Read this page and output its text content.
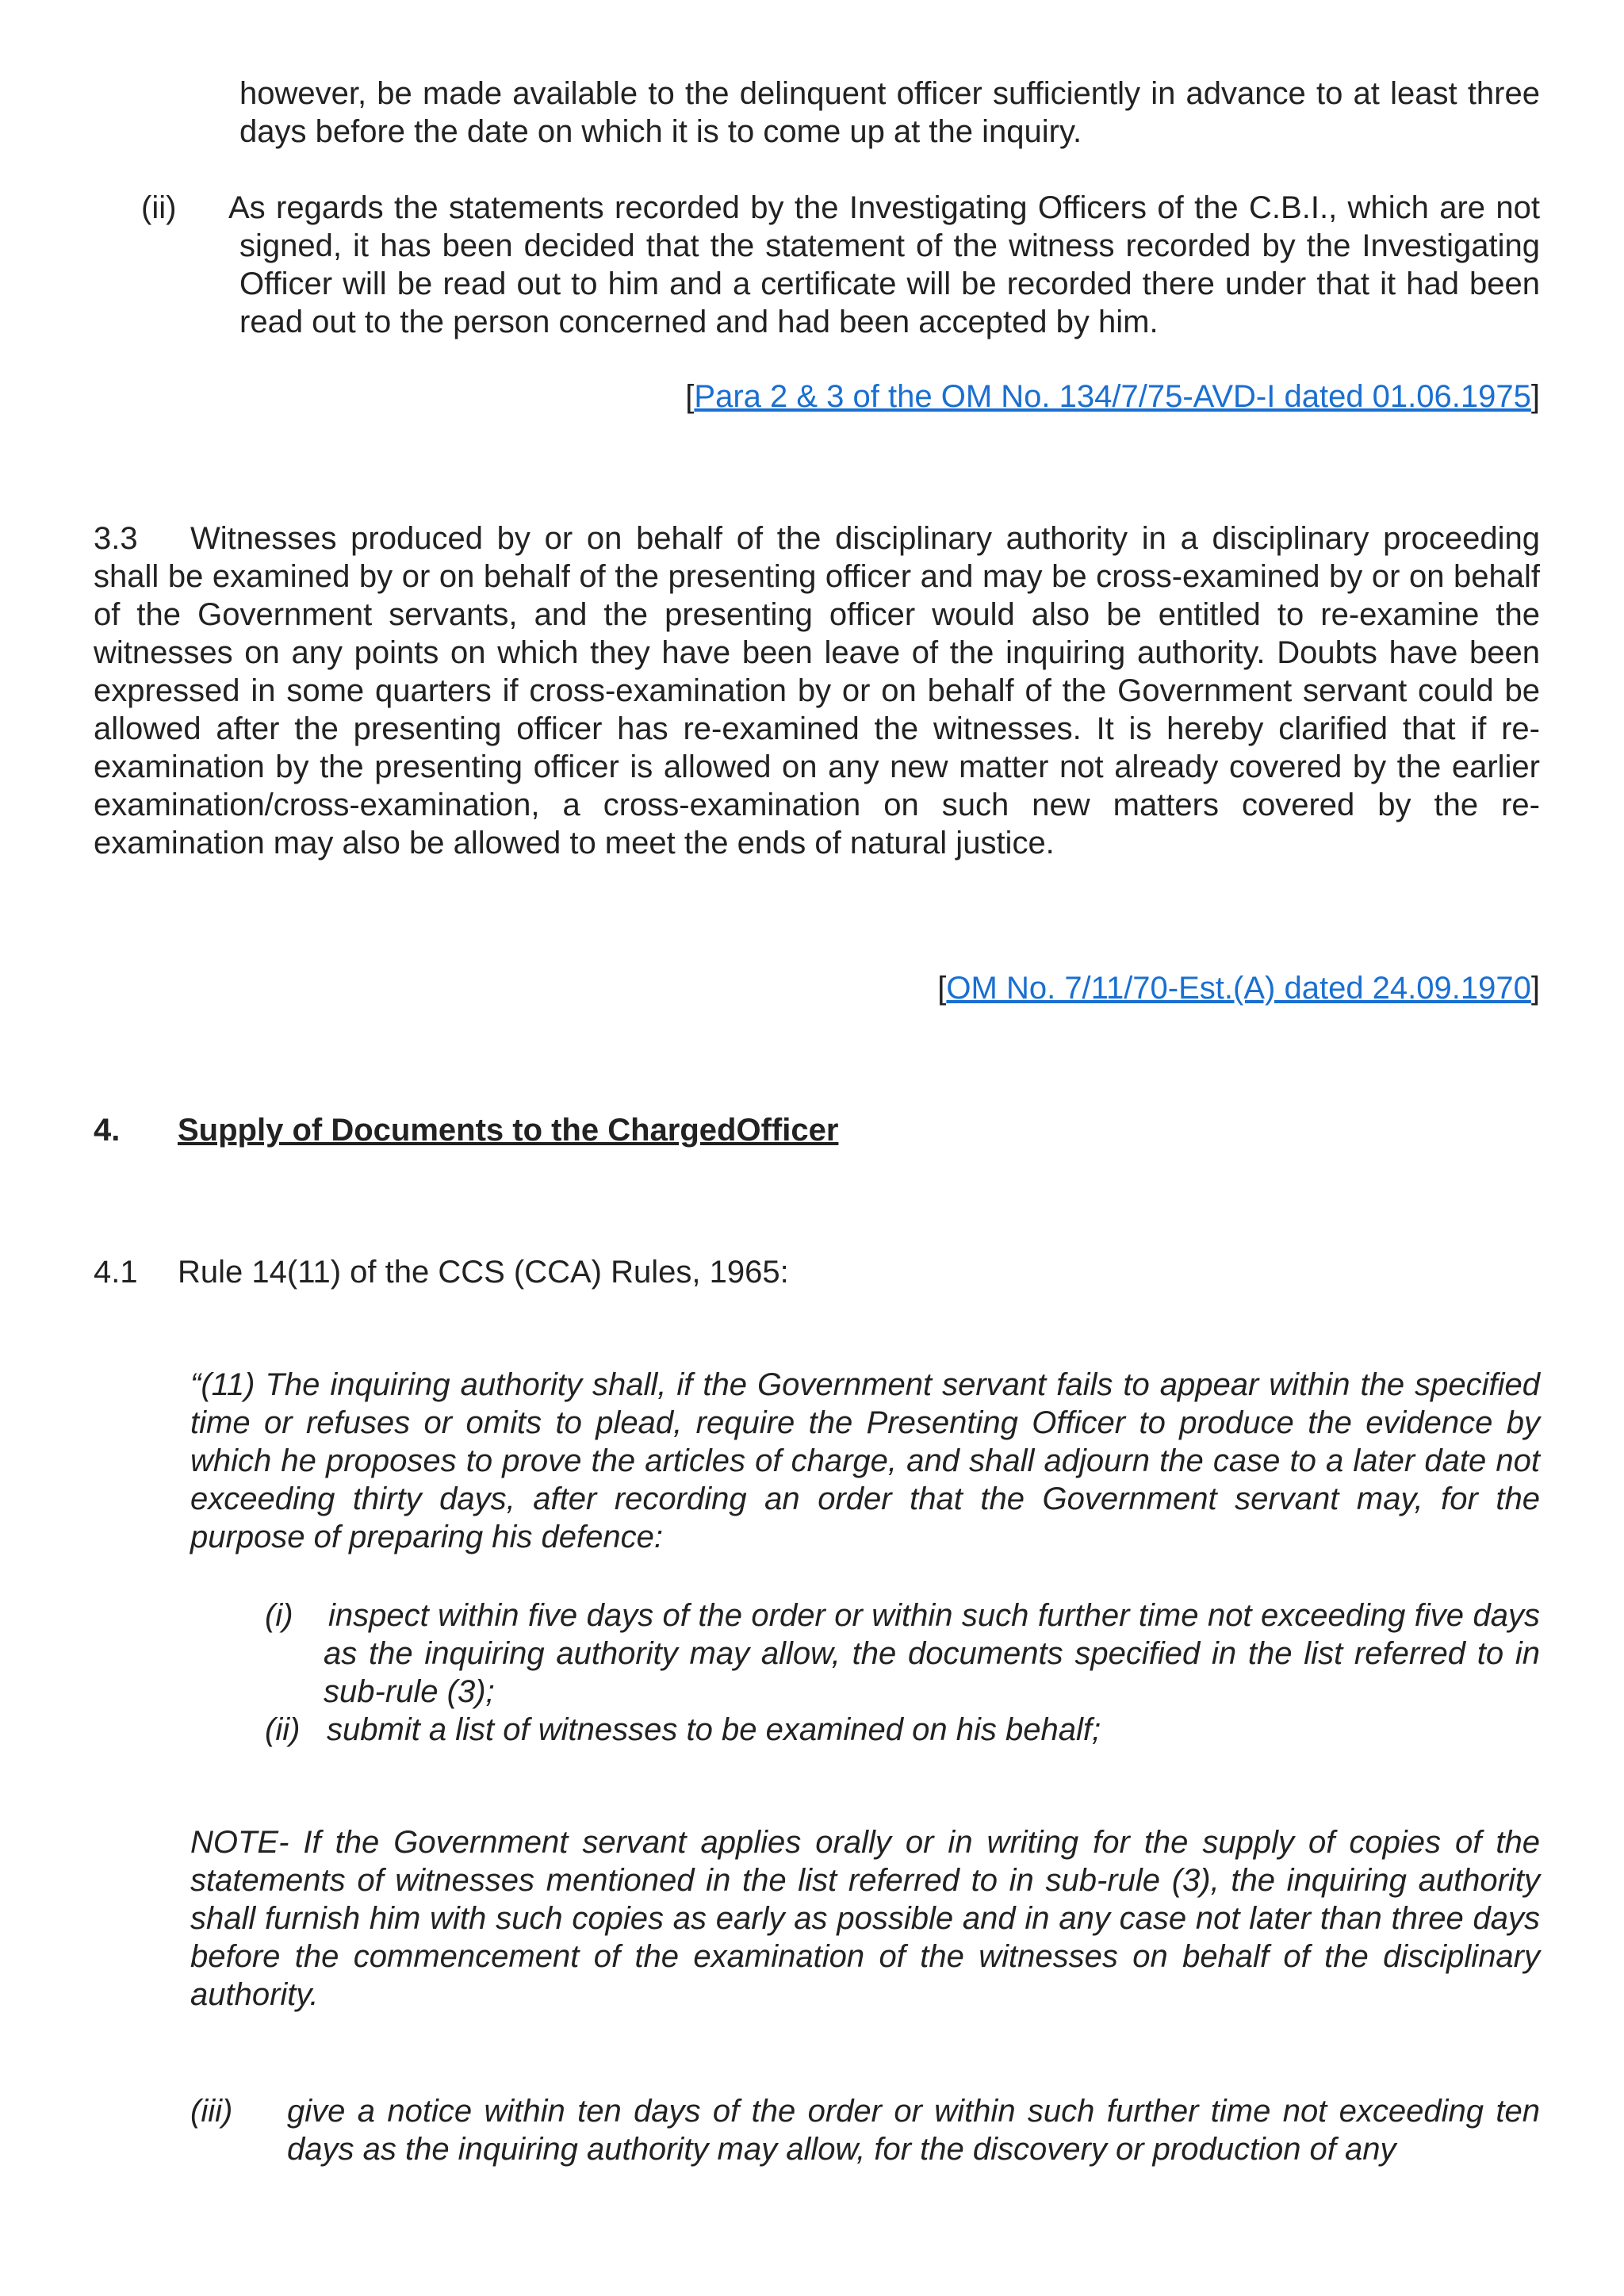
however, be made available to the delinquent officer sufficiently in advance to at least three days before the date on which it is to come up at the inquiry.

(ii) As regards the statements recorded by the Investigating Officers of the C.B.I., which are not signed, it has been decided that the statement of the witness recorded by the Investigating Officer will be read out to him and a certificate will be recorded there under that it had been read out to the person concerned and had been accepted by him.

[Para 2 & 3 of the OM No. 134/7/75-AVD-I dated 01.06.1975]

3.3 Witnesses produced by or on behalf of the disciplinary authority in a disciplinary proceeding shall be examined by or on behalf of the presenting officer and may be cross-examined by or on behalf of the Government servants, and the presenting officer would also be entitled to re-examine the witnesses on any points on which they have been leave of the inquiring authority. Doubts have been expressed in some quarters if cross-examination by or on behalf of the Government servant could be allowed after the presenting officer has re-examined the witnesses. It is hereby clarified that if re-examination by the presenting officer is allowed on any new matter not already covered by the earlier examination/cross-examination, a cross-examination on such new matters covered by the re-examination may also be allowed to meet the ends of natural justice.

[OM No. 7/11/70-Est.(A) dated 24.09.1970]

4. Supply of Documents to the ChargedOfficer
4.1 Rule 14(11) of the CCS (CCA) Rules, 1965:

“(11) The inquiring authority shall, if the Government servant fails to appear within the specified time or refuses or omits to plead, require the Presenting Officer to produce the evidence by which he proposes to prove the articles of charge, and shall adjourn the case to a later date not exceeding thirty days, after recording an order that the Government servant may, for the purpose of preparing his defence:

(i) inspect within five days of the order or within such further time not exceeding five days as the inquiring authority may allow, the documents specified in the list referred to in sub-rule (3);

(ii) submit a list of witnesses to be examined on his behalf;

NOTE- If the Government servant applies orally or in writing for the supply of copies of the statements of witnesses mentioned in the list referred to in sub-rule (3), the inquiring authority shall furnish him with such copies as early as possible and in any case not later than three days before the commencement of the examination of the witnesses on behalf of the disciplinary authority.

(iii) give a notice within ten days of the order or within such further time not exceeding ten days as the inquiring authority may allow, for the discovery or production of any
